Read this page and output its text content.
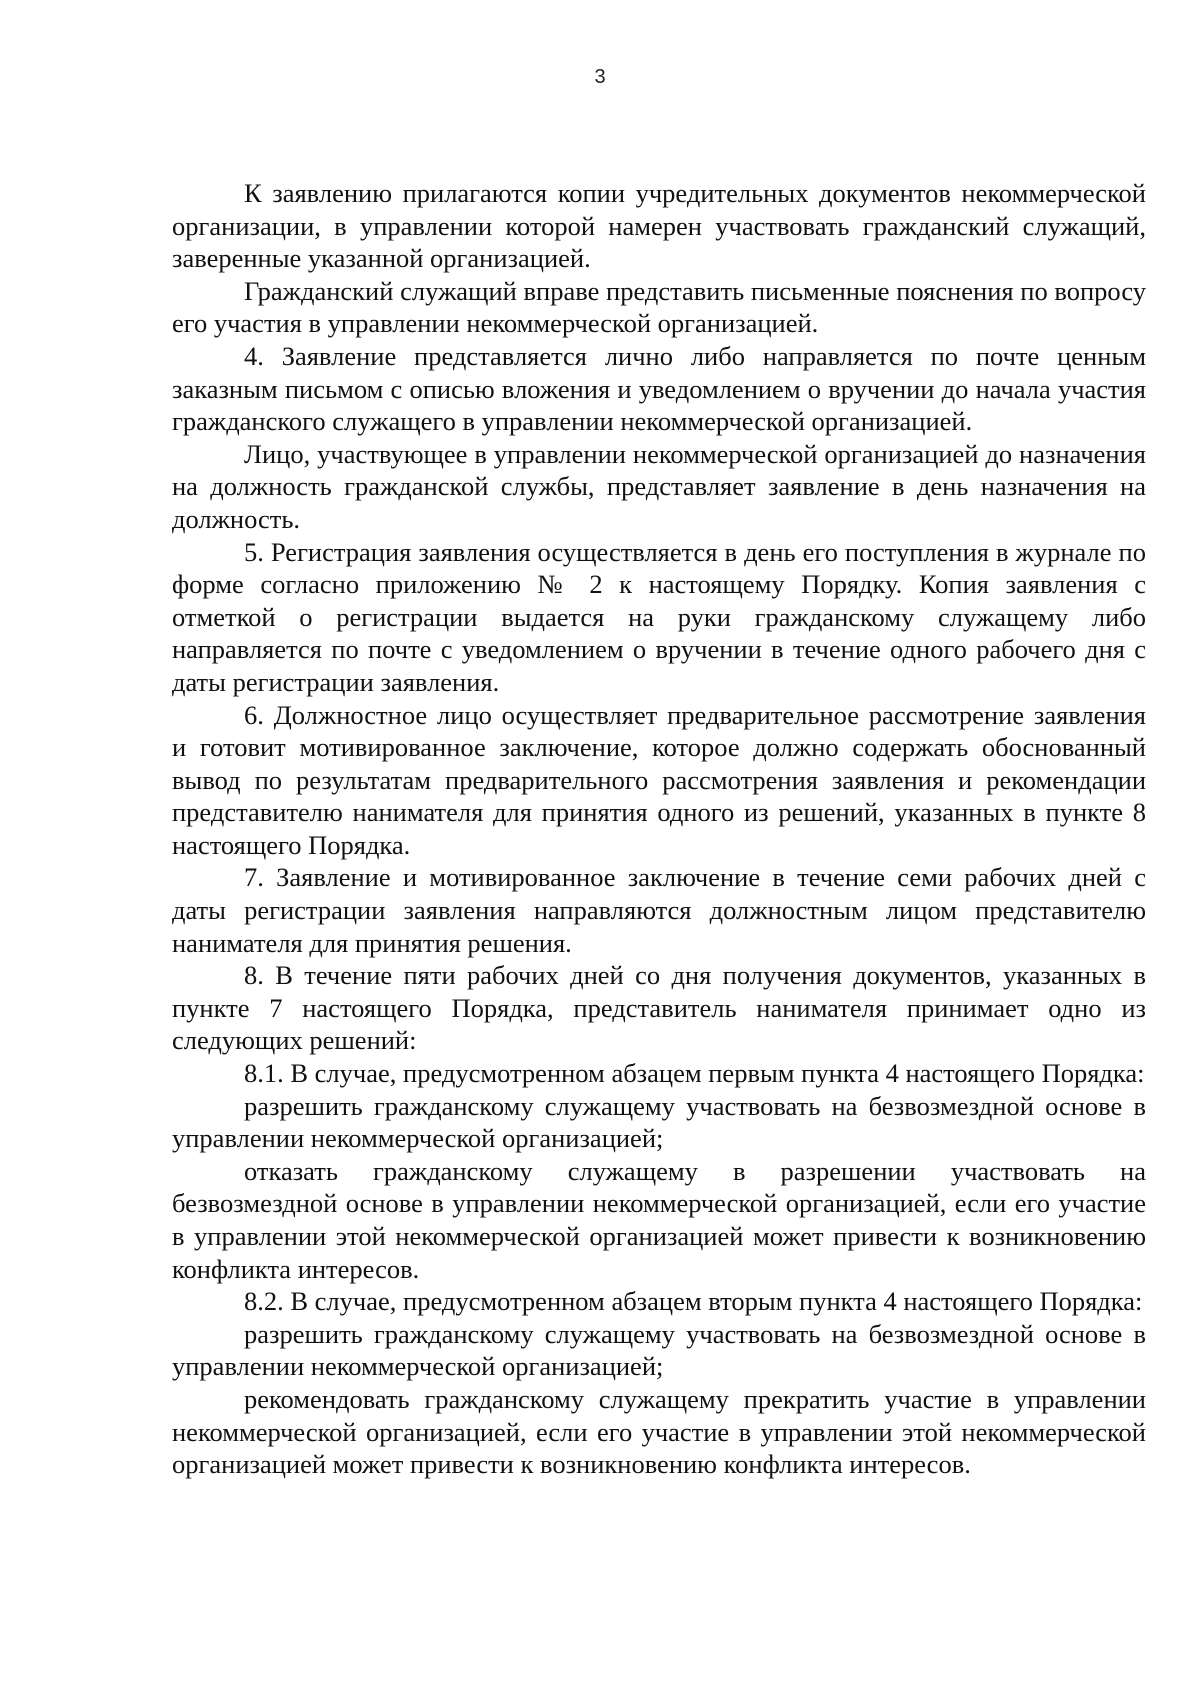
3

К заявлению прилагаются копии учредительных документов некоммерческой организации, в управлении которой намерен участвовать гражданский служащий, заверенные указанной организацией.

Гражданский служащий вправе представить письменные пояснения по вопросу его участия в управлении некоммерческой организацией.

4. Заявление представляется лично либо направляется по почте ценным заказным письмом с описью вложения и уведомлением о вручении до начала участия гражданского служащего в управлении некоммерческой организацией.

Лицо, участвующее в управлении некоммерческой организацией до назначения на должность гражданской службы, представляет заявление в день назначения на должность.

5. Регистрация заявления осуществляется в день его поступления в журнале по форме согласно приложению № 2 к настоящему Порядку. Копия заявления с отметкой о регистрации выдается на руки гражданскому служащему либо направляется по почте с уведомлением о вручении в течение одного рабочего дня с даты регистрации заявления.

6. Должностное лицо осуществляет предварительное рассмотрение заявления и готовит мотивированное заключение, которое должно содержать обоснованный вывод по результатам предварительного рассмотрения заявления и рекомендации представителю нанимателя для принятия одного из решений, указанных в пункте 8 настоящего Порядка.

7. Заявление и мотивированное заключение в течение семи рабочих дней с даты регистрации заявления направляются должностным лицом представителю нанимателя для принятия решения.

8. В течение пяти рабочих дней со дня получения документов, указанных в пункте 7 настоящего Порядка, представитель нанимателя принимает одно из следующих решений:

8.1. В случае, предусмотренном абзацем первым пункта 4 настоящего Порядка:

разрешить гражданскому служащему участвовать на безвозмездной основе в управлении некоммерческой организацией;

отказать гражданскому служащему в разрешении участвовать на безвозмездной основе в управлении некоммерческой организацией, если его участие в управлении этой некоммерческой организацией может привести к возникновению конфликта интересов.

8.2. В случае, предусмотренном абзацем вторым пункта 4 настоящего Порядка:

разрешить гражданскому служащему участвовать на безвозмездной основе в управлении некоммерческой организацией;

рекомендовать гражданскому служащему прекратить участие в управлении некоммерческой организацией, если его участие в управлении этой некоммерческой организацией может привести к возникновению конфликта интересов.
